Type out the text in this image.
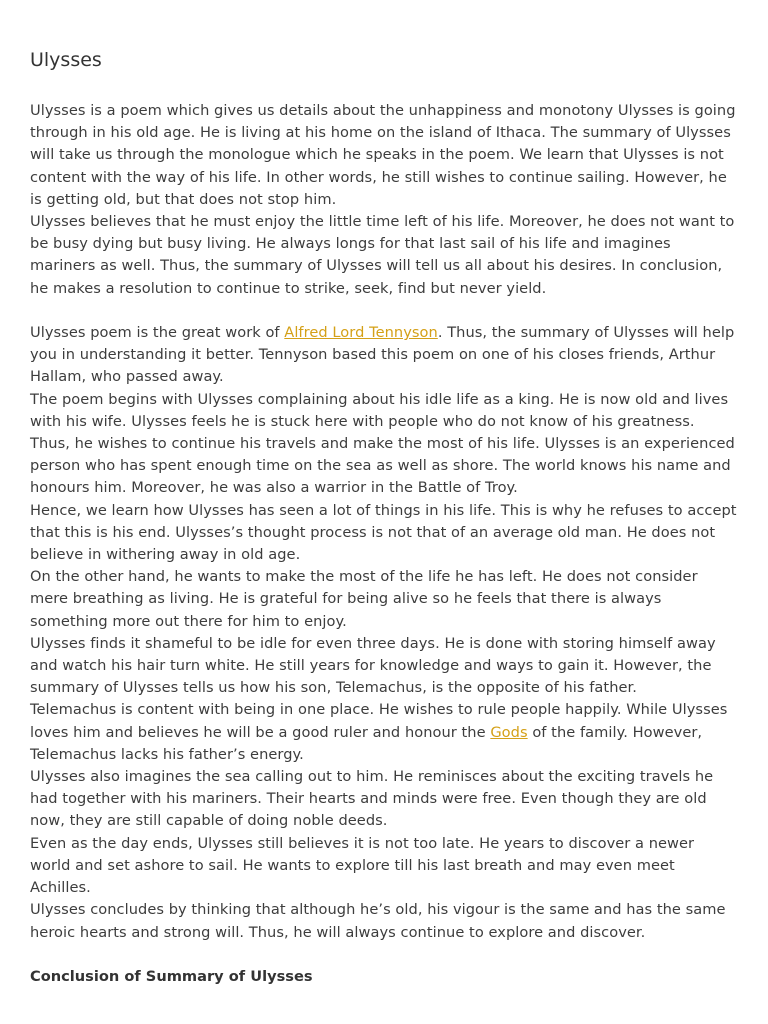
Ulysses

Ulysses is a poem which gives us details about the unhappiness and monotony Ulysses is going through in his old age. He is living at his home on the island of Ithaca. The summary of Ulysses will take us through the monologue which he speaks in the poem. We learn that Ulysses is not content with the way of his life. In other words, he still wishes to continue sailing. However, he is getting old, but that does not stop him.

Ulysses believes that he must enjoy the little time left of his life. Moreover, he does not want to be busy dying but busy living. He always longs for that last sail of his life and imagines mariners as well. Thus, the summary of Ulysses will tell us all about his desires. In conclusion, he makes a resolution to continue to strike, seek, find but never yield.

Ulysses poem is the great work of Alfred Lord Tennyson. Thus, the summary of Ulysses will help you in understanding it better. Tennyson based this poem on one of his closes friends, Arthur Hallam, who passed away.

The poem begins with Ulysses complaining about his idle life as a king. He is now old and lives with his wife. Ulysses feels he is stuck here with people who do not know of his greatness.

Thus, he wishes to continue his travels and make the most of his life. Ulysses is an experienced person who has spent enough time on the sea as well as shore. The world knows his name and honours him. Moreover, he was also a warrior in the Battle of Troy.

Hence, we learn how Ulysses has seen a lot of things in his life. This is why he refuses to accept that this is his end. Ulysses’s thought process is not that of an average old man. He does not believe in withering away in old age.

On the other hand, he wants to make the most of the life he has left. He does not consider mere breathing as living. He is grateful for being alive so he feels that there is always something more out there for him to enjoy.

Ulysses finds it shameful to be idle for even three days. He is done with storing himself away and watch his hair turn white. He still years for knowledge and ways to gain it. However, the summary of Ulysses tells us how his son, Telemachus, is the opposite of his father.

Telemachus is content with being in one place. He wishes to rule people happily. While Ulysses loves him and believes he will be a good ruler and honour the Gods of the family. However, Telemachus lacks his father’s energy.

Ulysses also imagines the sea calling out to him. He reminisces about the exciting travels he had together with his mariners. Their hearts and minds were free. Even though they are old now, they are still capable of doing noble deeds.

Even as the day ends, Ulysses still believes it is not too late. He years to discover a newer world and set ashore to sail. He wants to explore till his last breath and may even meet Achilles.

Ulysses concludes by thinking that although he’s old, his vigour is the same and has the same heroic hearts and strong will. Thus, he will always continue to explore and discover.

Conclusion of Summary of Ulysses
